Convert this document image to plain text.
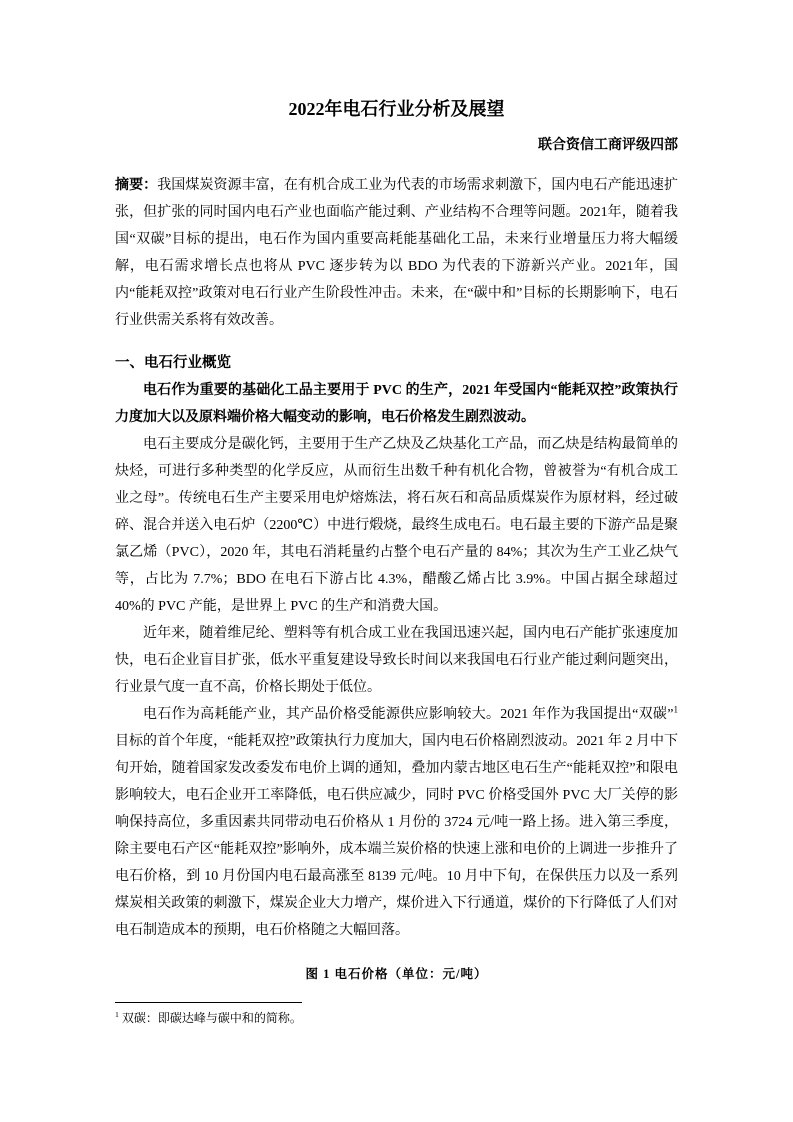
2022年电石行业分析及展望
联合资信工商评级四部

摘要：我国煤炭资源丰富，在有机合成工业为代表的市场需求刺激下，国内电石产能迅速扩张，但扩张的同时国内电石产业也面临产能过剩、产业结构不合理等问题。2021年，随着我国“双碳”目标的提出，电石作为国内重要高耗能基础化工品，未来行业增量压力将大幅缓解，电石需求增长点也将从 PVC 逐步转为以 BDO 为代表的下游新兴产业。2021年，国内“能耗双控”政策对电石行业产生阶段性冲击。未来，在“碳中和”目标的长期影响下，电石行业供需关系将有效改善。

一、电石行业概览

电石作为重要的基础化工品主要用于 PVC 的生产，2021 年受国内“能耗双控”政策执行力度加大以及原料端价格大幅变动的影响，电石价格发生剧烈波动。

电石主要成分是碳化钙，主要用于生产乙炔及乙炔基化工产品，而乙炔是结构最简单的炔烃，可进行多种类型的化学反应，从而衍生出数千种有机化合物，曾被誉为“有机合成工业之母”。传统电石生产主要采用电炉熔炼法，将石灰石和高品质煤炭作为原材料，经过破碎、混合并送入电石炉（2200℃）中进行煅烧，最终生成电石。电石最主要的下游产品是聚氯乙烯（PVC），2020 年，其电石消耗量约占整个电石产量的 84%；其次为生产工业乙炔气等，占比为 7.7%；BDO 在电石下游占比 4.3%，醋酸乙烯占比 3.9%。中国占据全球超过 40%的 PVC 产能，是世界上 PVC 的生产和消费大国。

近年来，随着维尼纶、塑料等有机合成工业在我国迅速兴起，国内电石产能扩张速度加快，电石企业盲目扩张，低水平重复建设导致长时间以来我国电石行业产能过剩问题突出，行业景气度一直不高，价格长期处于低位。

电石作为高耗能产业，其产品价格受能源供应影响较大。2021 年作为我国提出“双碳”$^1$目标的首个年度，“能耗双控”政策执行力度加大，国内电石价格剧烈波动。2021 年 2 月中下旬开始，随着国家发改委发布电价上调的通知，叠加内蒙古地区电石生产“能耗双控”和限电影响较大，电石企业开工率降低，电石供应减少，同时 PVC 价格受国外 PVC 大厂关停的影响保持高位，多重因素共同带动电石价格从 1 月份的 3724 元/吨一路上扬。进入第三季度，除主要电石产区“能耗双控”影响外，成本端兰炭价格的快速上涨和电价的上调进一步推升了电石价格，到 10 月份国内电石最高涨至 8139 元/吨。10 月中下旬，在保供压力以及一系列煤炭相关政策的刺激下，煤炭企业大力增产，煤价进入下行通道，煤价的下行降低了人们对电石制造成本的预期，电石价格随之大幅回落。

图 1 电石价格（单位：元/吨）
$^1$ 双碳：即碳达峰与碳中和的简称。
